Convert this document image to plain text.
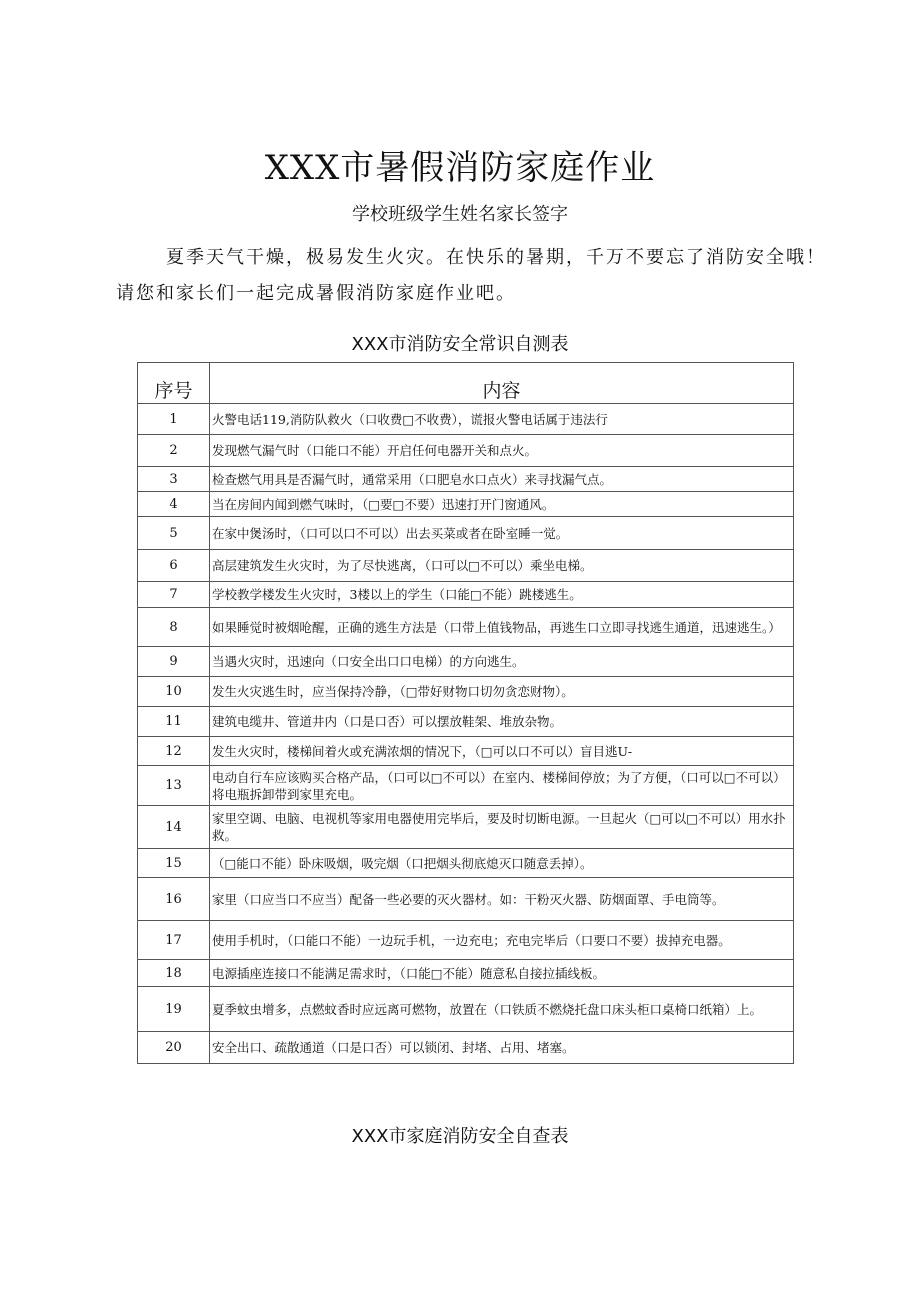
XXX市暑假消防家庭作业
学校班级学生姓名家长签字

夏季天气干燥，极易发生火灾。在快乐的暑期，千万不要忘了消防安全哦！

请您和家长们一起完成暑假消防家庭作业吧。

XXX市消防安全常识自测表
序号	内容
1	火警电话119,消防队救火（口收费□不收费），谎报火警电话属于违法行
2	发现燃气漏气时（口能口不能）开启任何电器开关和点火。
3	检查燃气用具是否漏气时，通常采用（口肥皂水口点火）来寻找漏气点。
4	当在房间内闻到燃气味时，（□要□不要）迅速打开门窗通风。
5	在家中煲汤时，（口可以口不可以）出去买菜或者在卧室睡一觉。
6	高层建筑发生火灾时，为了尽快逃离，（口可以□不可以）乘坐电梯。
7	学校教学楼发生火灾时，3楼以上的学生（口能□不能）跳楼逃生。
8	如果睡觉时被烟呛醒，正确的逃生方法是（口带上值钱物品，再逃生口立即寻找逃生通道，迅速逃生。）
9	当遇火灾时，迅速向（口安全出口口电梯）的方向逃生。
10	发生火灾逃生时，应当保持冷静，（□带好财物口切勿贪恋财物）。
11	建筑电缆井、管道井内（口是口否）可以摆放鞋架、堆放杂物。
12	发生火灾时，楼梯间着火或充满浓烟的情况下，（□可以口不可以）盲目逃U-
13	电动自行车应该购买合格产品，（口可以□不可以）在室内、楼梯间停放；为了方便，（口可以□不可以）将电瓶拆卸带到家里充电。
14	家里空调、电脑、电视机等家用电器使用完毕后，要及时切断电源。一旦起火（□可以□不可以）用水扑救。
15	（□能口不能）卧床吸烟，吸完烟（口把烟头彻底熄灭口随意丢掉）。
16	家里（口应当口不应当）配备一些必要的灭火器材。如：干粉灭火器、防烟面罩、手电筒等。
17	使用手机时，（口能口不能）一边玩手机，一边充电；充电完毕后（口要口不要）拔掉充电器。
18	电源插座连接口不能满足需求时，（口能□不能）随意私自接拉插线板。
19	夏季蚊虫增多，点燃蚊香时应远离可燃物，放置在（口铁质不燃烧托盘口床头柜口桌椅口纸箱）上。
20	安全出口、疏散通道（口是口否）可以锁闭、封堵、占用、堵塞。
XXX市家庭消防安全自查表
